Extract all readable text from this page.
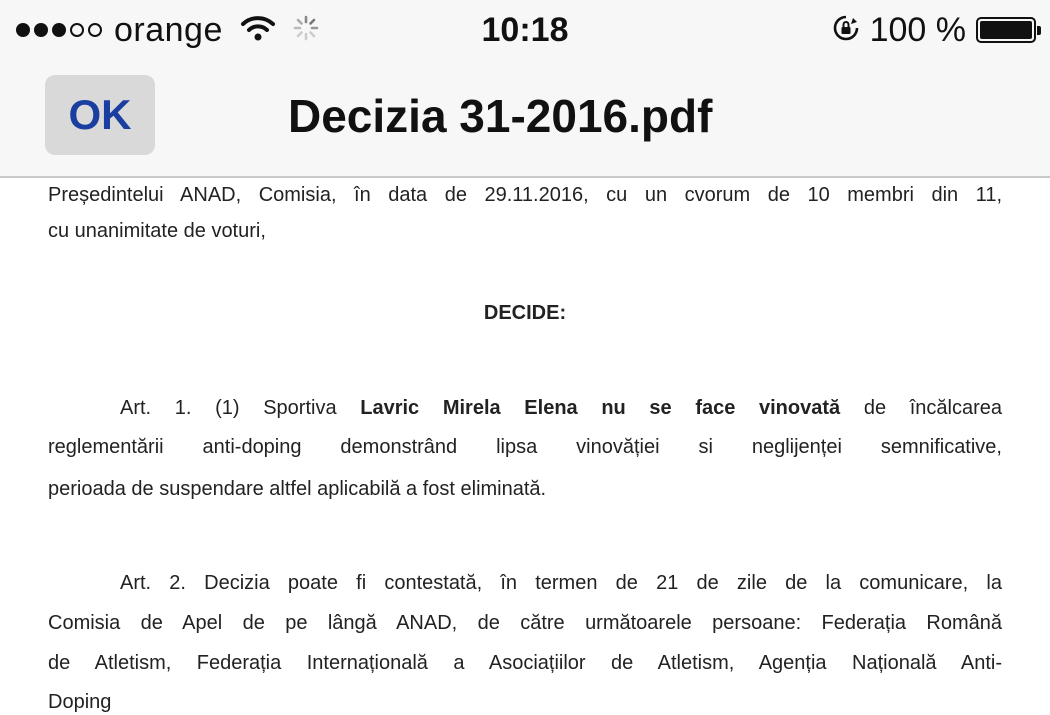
orange	10:18	100 %
OK	Decizia 31-2016.pdf
Președintelui ANAD, Comisia, în data de 29.11.2016, cu un cvorum de 10 membri din 11,
cu unanimitate de voturi,
DECIDE:
Art. 1. (1) Sportiva Lavric Mirela Elena nu se face vinovată de încălcarea
reglementării anti-doping demonstrând lipsa vinovăției si neglijenței semnificative,
perioada de suspendare altfel aplicabilă a fost eliminată.
Art. 2. Decizia poate fi contestată, în termen de 21 de zile de la comunicare, la
Comisia de Apel de pe lângă ANAD, de către următoarele persoane: Federația Română
de Atletism, Federația Internațională a Asociațiilor de Atletism, Agenția Națională Anti-
Doping
